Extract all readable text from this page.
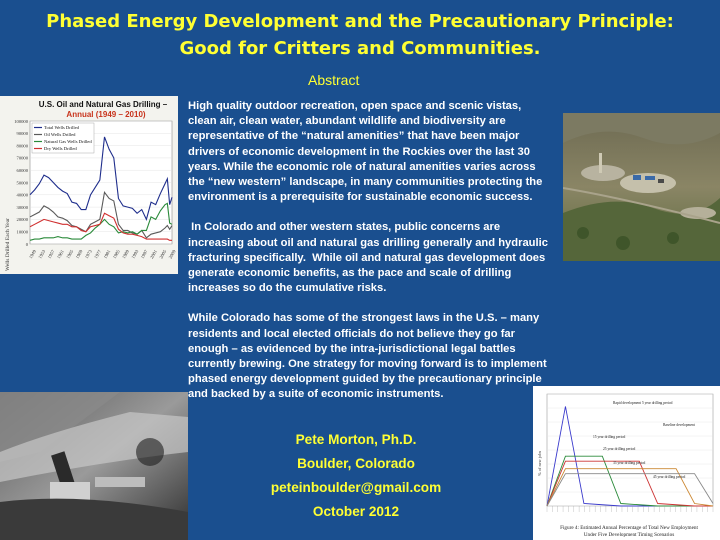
Phased Energy Development and the Precautionary Principle:
Good for Critters and Communities.
Abstract
U.S. Oil and Natural Gas Drilling –
Annual (1949 – 2010)
Wells Drilled Each Year
100000
90000
80000
70000
60000
50000
40000
30000
20000
10000
0
1949 1953 1957 1961 1965 1969 1973 1977 1981 1985 1989 1993 1997 2001 2005 2009
Total Wells Drilled
Oil Wells Drilled
Natural Gas Wells Drilled
Dry Wells Drilled

High quality outdoor recreation, open space and scenic vistas, clean air, clean water, abundant wildlife and biodiversity are representative of the “natural amenities” that have been major drivers of economic development in the Rockies over the last 30 years. While the economic role of natural amenities varies across the “new western” landscape, in many communities protecting the environment is a prerequisite for sustainable economic success.

In Colorado and other western states, public concerns are increasing about oil and natural gas drilling generally and hydraulic fracturing specifically.  While oil and natural gas development does generate economic benefits, as the pace and scale of drilling increases so do the cumulative risks.

While Colorado has some of the strongest laws in the U.S. – many residents and local elected officials do not believe they go far enough – as evidenced by the intra-jurisdictional legal battles currently brewing. One strategy for moving forward is to implement phased energy development guided by the precautionary principle and backed by a suite of economic instruments.

Pete Morton, Ph.D.
Boulder, Colorado
peteinboulder@gmail.com
October 2012
% of new jobs
Rapid development 5 year drilling period
Baseline development
15 year drilling period
25 year drilling period
35 year drilling period
45 year drilling period
Figure 4: Estimated Annual Percentage of Total New Employment
Under Five Development Timing Scenarios
